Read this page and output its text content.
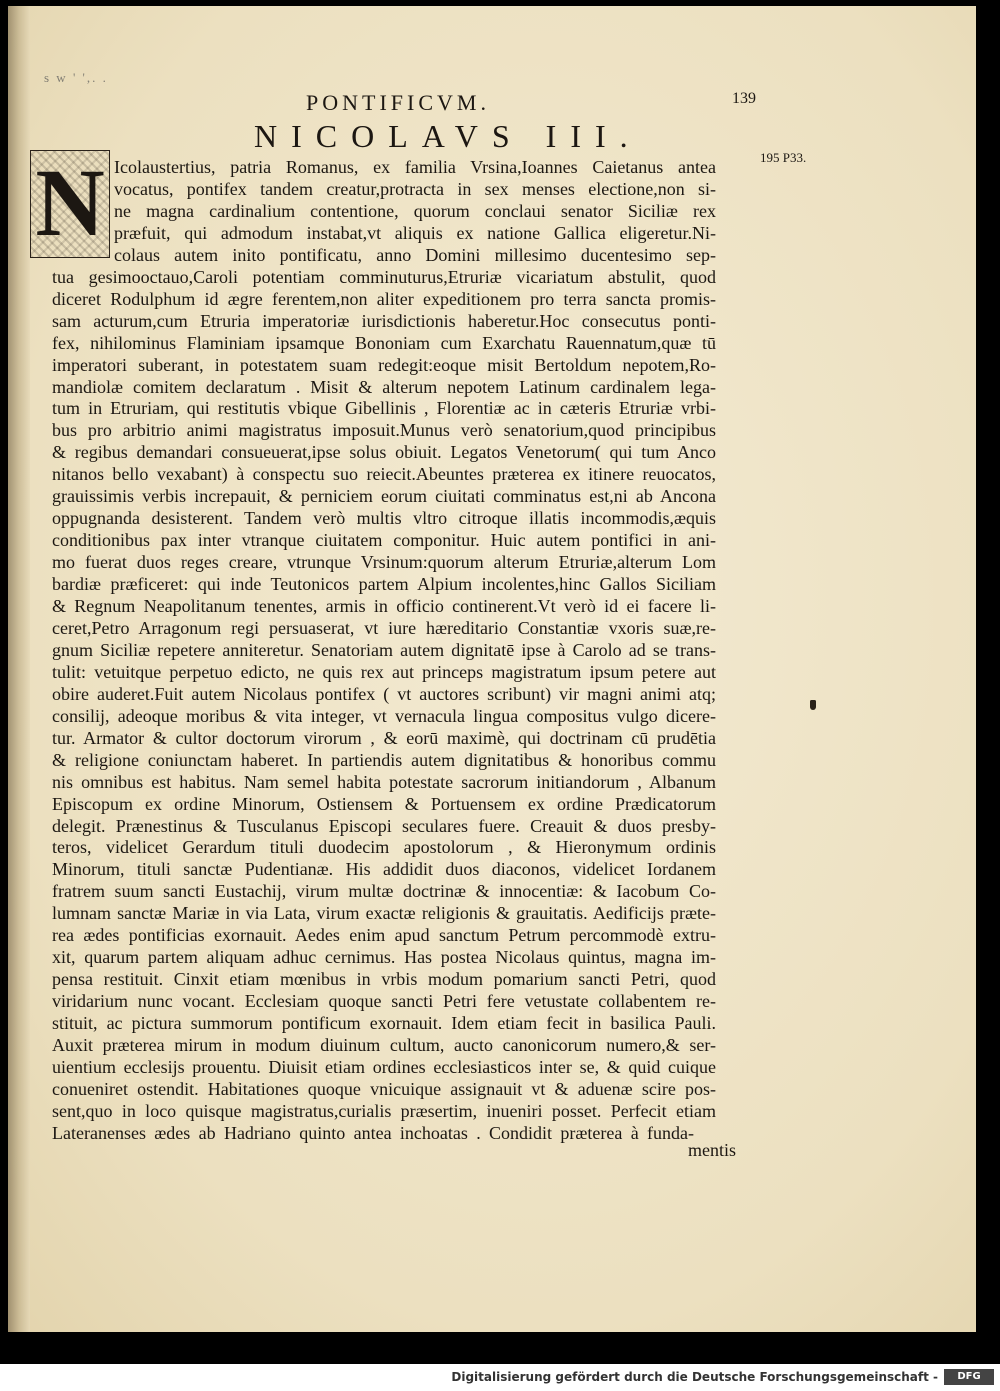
s w ' ',. .
PONTIFICVM.	139
NICOLAVS III.
N	195 P33.
Icolaustertius, patria Romanus, ex familia Vrsina,Ioannes Caietanus antea
vocatus, pontifex tandem creatur,protracta in sex menses electione,non si-
ne magna cardinalium contentione, quorum conclaui senator Siciliæ rex
præfuit, qui admodum instabat,vt aliquis ex natione Gallica eligeretur.Ni-
colaus autem inito pontificatu, anno Domini millesimo ducentesimo sep-
tua gesimooctauo,Caroli potentiam comminuturus,Etruriæ vicariatum abstulit, quod
diceret Rodulphum id ægre ferentem,non aliter expeditionem pro terra sancta promis-
sam acturum,cum Etruria imperatoriæ iurisdictionis haberetur.Hoc consecutus ponti-
fex, nihilominus Flaminiam ipsamque Bononiam cum Exarchatu Rauennatum,quæ tū
imperatori suberant, in potestatem suam redegit:eoque misit Bertoldum nepotem,Ro-
mandiolæ comitem declaratum . Misit & alterum nepotem Latinum cardinalem lega-
tum in Etruriam, qui restitutis vbique Gibellinis , Florentiæ ac in cæteris Etruriæ vrbi-
bus pro arbitrio animi magistratus imposuit.Munus verò senatorium,quod principibus
& regibus demandari consueuerat,ipse solus obiuit. Legatos Venetorum( qui tum Anco
nitanos bello vexabant) à conspectu suo reiecit.Abeuntes præterea ex itinere reuocatos,
grauissimis verbis increpauit, & perniciem eorum ciuitati comminatus est,ni ab Ancona
oppugnanda desisterent. Tandem verò multis vltro citroque illatis incommodis,æquis
conditionibus pax inter vtranque ciuitatem componitur. Huic autem pontifici in ani-
mo fuerat duos reges creare, vtrunque Vrsinum:quorum alterum Etruriæ,alterum Lom
bardiæ præficeret: qui inde Teutonicos partem Alpium incolentes,hinc Gallos Siciliam
& Regnum Neapolitanum tenentes, armis in officio continerent.Vt verò id ei facere li-
ceret,Petro Arragonum regi persuaserat, vt iure hæreditario Constantiæ vxoris suæ,re-
gnum Siciliæ repetere anniteretur. Senatoriam autem dignitatē ipse à Carolo ad se trans-
tulit: vetuitque perpetuo edicto, ne quis rex aut princeps magistratum ipsum petere aut
obire auderet.Fuit autem Nicolaus pontifex ( vt auctores scribunt) vir magni animi atq;
consilij, adeoque moribus & vita integer, vt vernacula lingua compositus vulgo dicere-
tur. Armator & cultor doctorum virorum , & eorū maximè, qui doctrinam cū prudētia
& religione coniunctam haberet. In partiendis autem dignitatibus & honoribus commu
nis omnibus est habitus. Nam semel habita potestate sacrorum initiandorum , Albanum
Episcopum ex ordine Minorum, Ostiensem & Portuensem ex ordine Prædicatorum
delegit. Prænestinus & Tusculanus Episcopi seculares fuere. Creauit & duos presby-
teros, videlicet Gerardum tituli duodecim apostolorum , & Hieronymum ordinis
Minorum, tituli sanctæ Pudentianæ. His addidit duos diaconos, videlicet Iordanem
fratrem suum sancti Eustachij, virum multæ doctrinæ & innocentiæ: & Iacobum Co-
lumnam sanctæ Mariæ in via Lata, virum exactæ religionis & grauitatis. Aedificijs præte-
rea ædes pontificias exornauit. Aedes enim apud sanctum Petrum percommodè extru-
xit, quarum partem aliquam adhuc cernimus. Has postea Nicolaus quintus, magna im-
pensa restituit. Cinxit etiam mœnibus in vrbis modum pomarium sancti Petri, quod
viridarium nunc vocant. Ecclesiam quoque sancti Petri fere vetustate collabentem re-
stituit, ac pictura summorum pontificum exornauit. Idem etiam fecit in basilica Pauli.
Auxit præterea mirum in modum diuinum cultum, aucto canonicorum numero,& ser-
uientium ecclesijs prouentu. Diuisit etiam ordines ecclesiasticos inter se, & quid cuique
conueniret ostendit. Habitationes quoque vnicuique assignauit vt & aduenæ scire pos-
sent,quo in loco quisque magistratus,curialis præsertim, inueniri posset. Perfecit etiam
Lateranenses ædes ab Hadriano quinto antea inchoatas . Condidit præterea à funda-
mentis
Digitalisierung gefördert durch die Deutsche Forschungsgemeinschaft -	DFG
